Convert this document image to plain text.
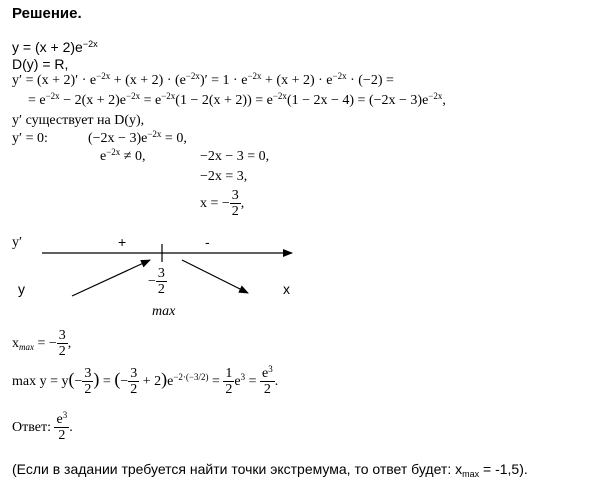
Решение.
$y = (x + 2)e^{-2x}$
D(y) = R,
$y' = (x + 2)' \cdot e^{-2x} + (x + 2) \cdot (e^{-2x})' = 1 \cdot e^{-2x} + (x + 2) \cdot e^{-2x} \cdot (-2)$ =
= $e^{-2x} - 2(x + 2)e^{-2x} = e^{-2x}(1 - 2(x + 2)) = e^{-2x}(1 - 2x - 4) = (-2x - 3)e^{-2x}$,
y′ существует на D(y),
y′ = 0:	$(-2x - 3)e^{-2x} = 0$,
$e^{-2x} \ne 0$,	−2x − 3 = 0,
−2x = 3,
x = − $\frac{3}{2}$ ,
y′	+	-
y	x
− $\frac{3}{2}$
max
$x_{max}$ = − $\frac{3}{2}$ ,
$\max y = y(- \frac{3}{2}$ ) = (− $\frac{3}{2} + 2)e^{-2\cdot(-3/2)} = \frac{1}{2} e^3 = \frac{e^3}{2}$ .
Ответ: $\frac{e^3}{2}$ .
(Если в задании требуется найти точки экстремума, то ответ будет: $x_{max} = -1,5$).
